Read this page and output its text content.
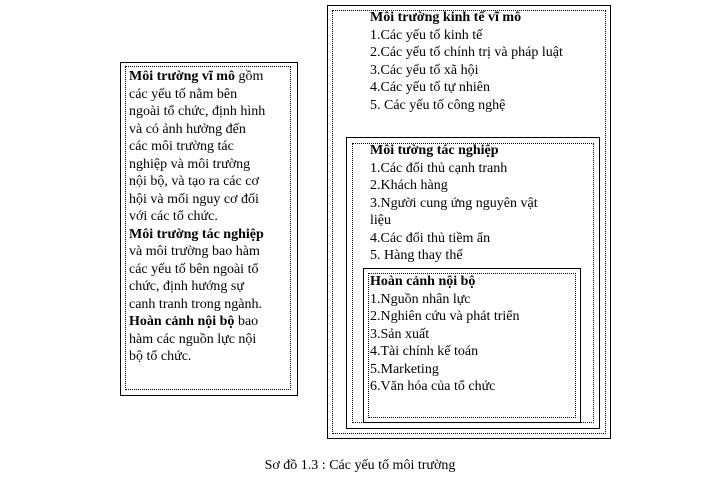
Môi trường vĩ mô gồm
các yếu tố nằm bên
ngoài tổ chức, định hình
và có ảnh hưởng đến
các môi trường tác
nghiệp và môi trường
nội bộ, và tạo ra các cơ
hội và mối nguy cơ đối
với các tổ chức.
Môi trường tác nghiệp
và môi trường bao hàm
các yếu tố bên ngoài tổ
chức, định hướng sự
canh tranh trong ngành.
Hoàn cảnh nội bộ bao
hàm các nguồn lực nội
bộ tổ chức.
Môi trường kinh tế vĩ mô
1.Các yếu tố kinh tế
2.Các yếu tố chính trị và pháp luật
3.Các yếu tố xã hội
4.Các yếu tố tự nhiên
5. Các yếu tố công nghệ
Môi tường tác nghiệp
1.Các đối thủ cạnh tranh
2.Khách hàng
3.Người cung ứng nguyên vật
liệu
4.Các đối thủ tiềm ẩn
5. Hàng thay thế
Hoàn cảnh nội bộ
1.Nguồn nhân lực
2.Nghiên cứu và phát triển
3.Sản xuất
4.Tài chính kế toán
5.Marketing
6.Văn hóa của tổ chức
Sơ đồ 1.3 : Các yếu tố môi trường
